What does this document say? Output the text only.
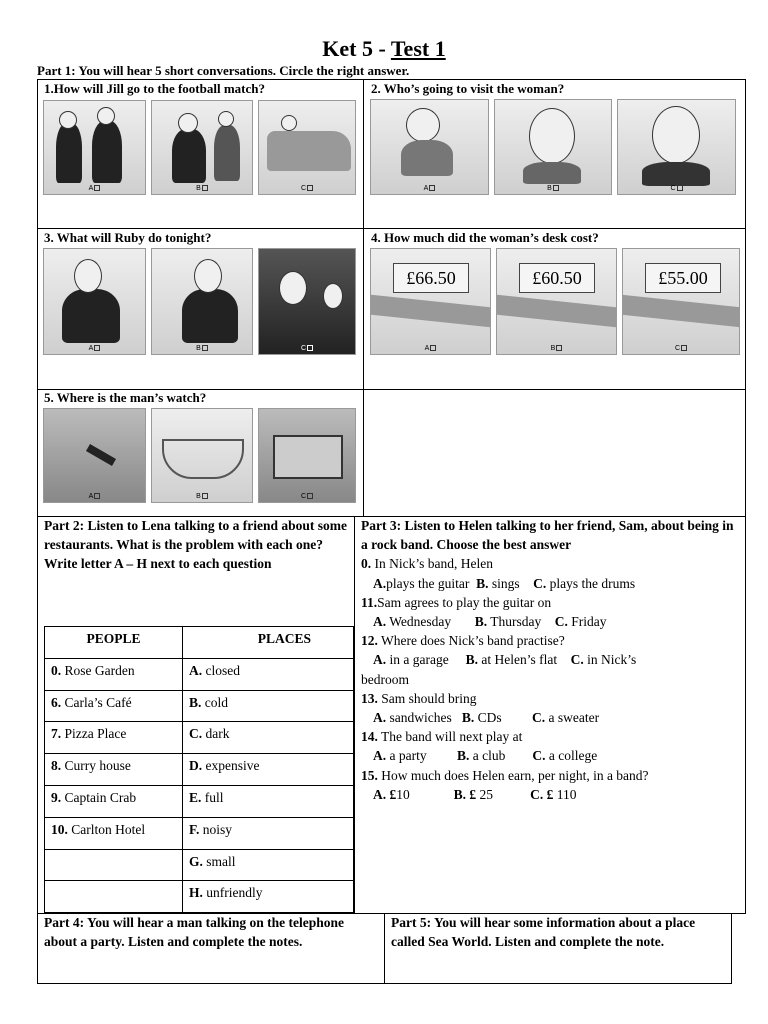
Ket 5 - Test 1
Part 1: You will hear 5 short conversations. Circle the right answer.
1.How will Jill go to the football match?	2. Who’s going to visit the woman?
3. What will Ruby do tonight?	4. How much did the woman’s desk cost?
5. Where is the man’s watch?
A	B	C	A	B	C
A	B	C
£66.50
A
£60.50
B
£55.00
C
A	B	C
Part 2: Listen to Lena talking to a friend about some restaurants. What is the problem with each one? Write letter A – H next to each question
PEOPLE	PLACES
0. Rose Garden	A. closed
6. Carla’s Café	B. cold
7. Pizza Place	C. dark
8. Curry house	D. expensive
9. Captain Crab	E. full
10. Carlton Hotel	F. noisy
	G. small
	H. unfriendly
Part 3: Listen to Helen talking to her friend, Sam, about being in a rock band. Choose the best answer
0. In Nick’s band, Helen
A.plays the guitar B. sings C. plays the drums
11.Sam agrees to play the guitar on
A. Wednesday B. Thursday C. Friday
12. Where does Nick’s band practise?
A. in a garage B. at Helen’s flat C. in Nick’s
bedroom
13. Sam should bring
A. sandwiches B. CDs C. a sweater
14. The band will next play at
A. a party B. a club C. a college
15. How much does Helen earn, per night, in a band?
A. £10	B. £ 25	C. £ 110
Part 4: You will hear a man talking on the telephone about a party. Listen and complete the notes.
Part 5: You will hear some information about a place called Sea World. Listen and complete the note.
